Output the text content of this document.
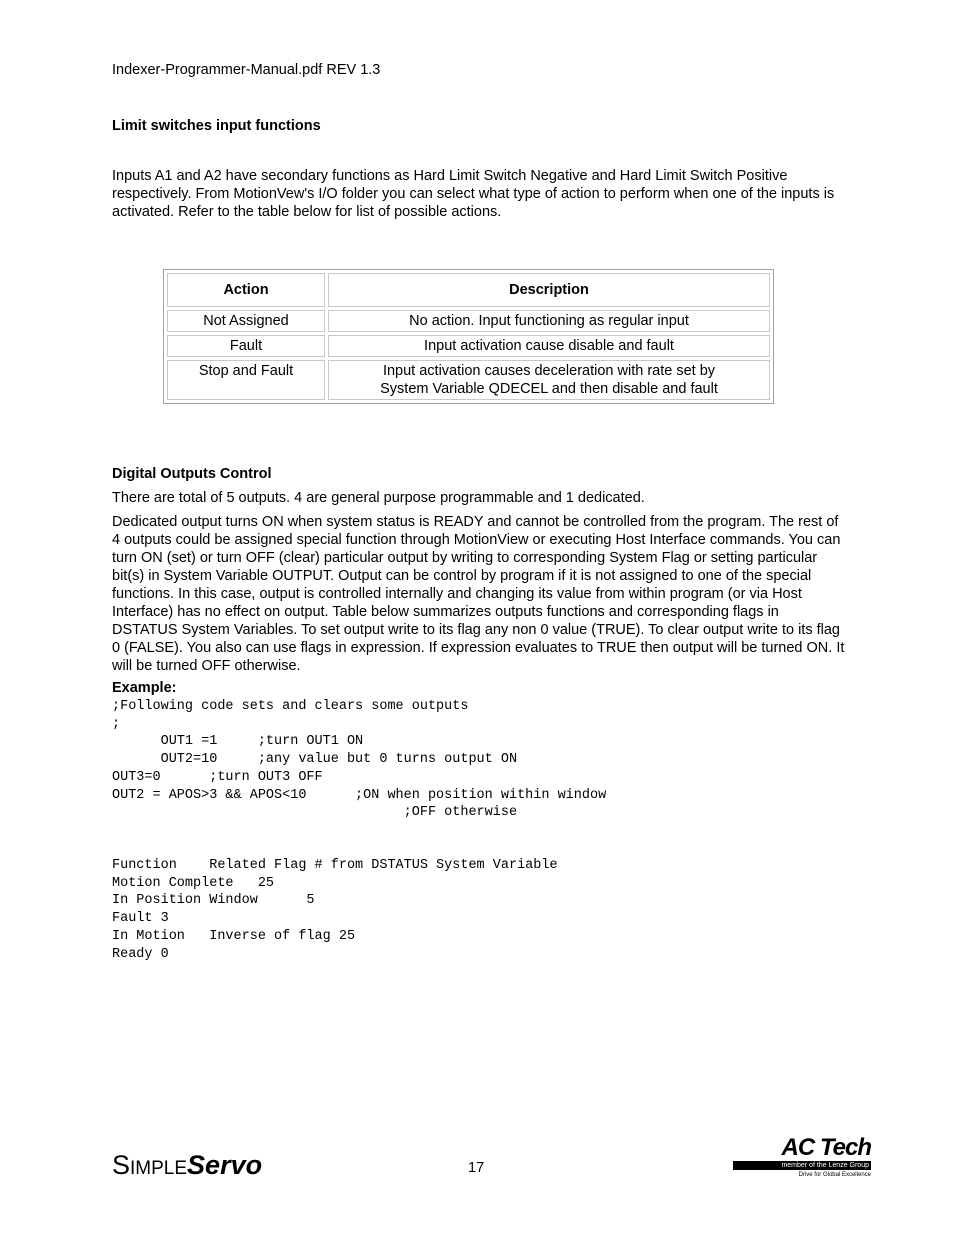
Indexer-Programmer-Manual.pdf REV 1.3
Limit switches input functions
Inputs A1 and A2 have secondary functions as Hard Limit Switch Negative and Hard Limit Switch Positive respectively. From MotionVew's I/O folder you can select what type of action to perform when one of the inputs is activated. Refer to the table below for list of possible actions.
Action	Description
Not Assigned	No action. Input functioning as regular input
Fault	Input activation cause disable and fault
Stop and Fault	Input activation causes deceleration with rate set by System Variable QDECEL and then disable and fault
Digital Outputs Control
There are total of 5 outputs. 4 are general purpose programmable and 1 dedicated.
Dedicated output turns ON when system status is READY and cannot be controlled from the program. The rest of 4 outputs could be assigned special function through MotionView or executing Host Interface commands. You can turn ON (set) or turn OFF (clear) particular output by writing to corresponding System Flag or setting particular bit(s) in System Variable OUTPUT. Output can be control by program if it is not assigned to one of the special functions. In this case, output is controlled internally and changing its value from within program (or via Host Interface) has no effect on output. Table below summarizes outputs functions and corresponding flags in DSTATUS System Variables. To set output write to its flag any non 0 value (TRUE). To clear output write to its flag 0 (FALSE). You also can use flags in expression. If expression evaluates to TRUE then output will be turned ON. It will be turned OFF otherwise.
Example:
;Following code sets and clears some outputs
;
OUT1 =1     ;turn OUT1 ON
OUT2=10     ;any value but 0 turns output ON
OUT3=0      ;turn OUT3 OFF
OUT2 = APOS>3 && APOS<10      ;ON when position within window
;OFF otherwise
Function    Related Flag # from DSTATUS System Variable
Motion Complete   25
In Position Window      5
Fault 3
In Motion   Inverse of flag 25
Ready 0
SIMPLEServo	17
AC Tech
member of the Lenze Group
Drive for Global Excellence
